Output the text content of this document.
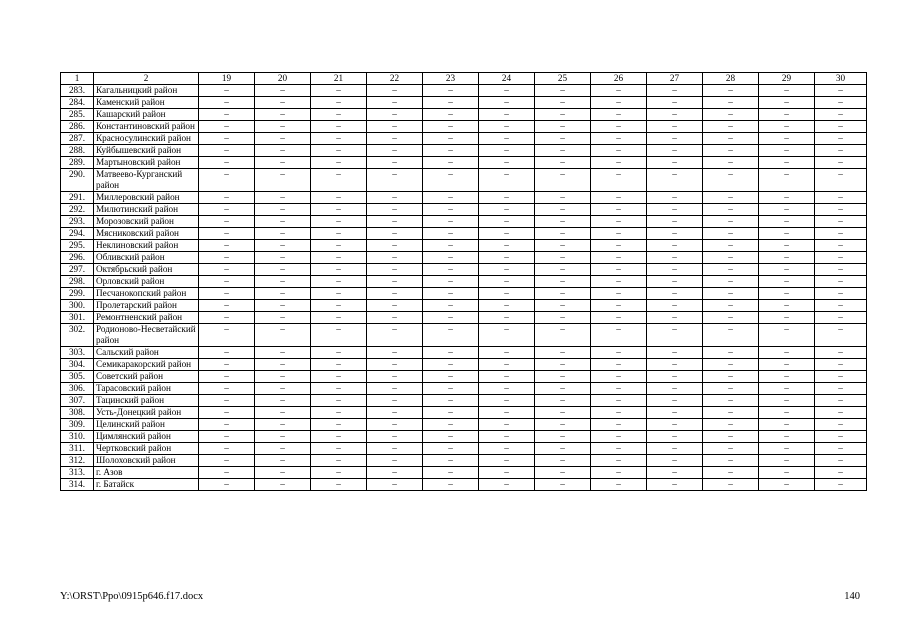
1	2	19	20	21	22	23	24	25	26	27	28	29	30
283.	Кагальницкий район	–	–	–	–	–	–	–	–	–	–	–	–
284.	Каменский район	–	–	–	–	–	–	–	–	–	–	–	–
285.	Кашарский район	–	–	–	–	–	–	–	–	–	–	–	–
286.	Константиновский район	–	–	–	–	–	–	–	–	–	–	–	–
287.	Красносулинский район	–	–	–	–	–	–	–	–	–	–	–	–
288.	Куйбышевский район	–	–	–	–	–	–	–	–	–	–	–	–
289.	Мартыновский район	–	–	–	–	–	–	–	–	–	–	–	–
290.	Матвеево-Курганский район	–	–	–	–	–	–	–	–	–	–	–	–
291.	Миллеровский район	–	–	–	–	–	–	–	–	–	–	–	–
292.	Милютинский район	–	–	–	–	–	–	–	–	–	–	–	–
293.	Морозовский район	–	–	–	–	–	–	–	–	–	–	–	–
294.	Мясниковский район	–	–	–	–	–	–	–	–	–	–	–	–
295.	Неклиновский район	–	–	–	–	–	–	–	–	–	–	–	–
296.	Обливский район	–	–	–	–	–	–	–	–	–	–	–	–
297.	Октябрьский район	–	–	–	–	–	–	–	–	–	–	–	–
298.	Орловский район	–	–	–	–	–	–	–	–	–	–	–	–
299.	Песчанокопский район	–	–	–	–	–	–	–	–	–	–	–	–
300.	Пролетарский район	–	–	–	–	–	–	–	–	–	–	–	–
301.	Ремонтненский район	–	–	–	–	–	–	–	–	–	–	–	–
302.	Родионово-Несветайский район	–	–	–	–	–	–	–	–	–	–	–	–
303.	Сальский район	–	–	–	–	–	–	–	–	–	–	–	–
304.	Семикаракорский район	–	–	–	–	–	–	–	–	–	–	–	–
305.	Советский район	–	–	–	–	–	–	–	–	–	–	–	–
306.	Тарасовский район	–	–	–	–	–	–	–	–	–	–	–	–
307.	Тацинский район	–	–	–	–	–	–	–	–	–	–	–	–
308.	Усть-Донецкий район	–	–	–	–	–	–	–	–	–	–	–	–
309.	Целинский район	–	–	–	–	–	–	–	–	–	–	–	–
310.	Цимлянский район	–	–	–	–	–	–	–	–	–	–	–	–
311.	Чертковский район	–	–	–	–	–	–	–	–	–	–	–	–
312.	Шолоховский район	–	–	–	–	–	–	–	–	–	–	–	–
313.	г. Азов	–	–	–	–	–	–	–	–	–	–	–	–
314.	г. Батайск	–	–	–	–	–	–	–	–	–	–	–	–
Y:\ORST\Ppo\0915p646.f17.docx	140
